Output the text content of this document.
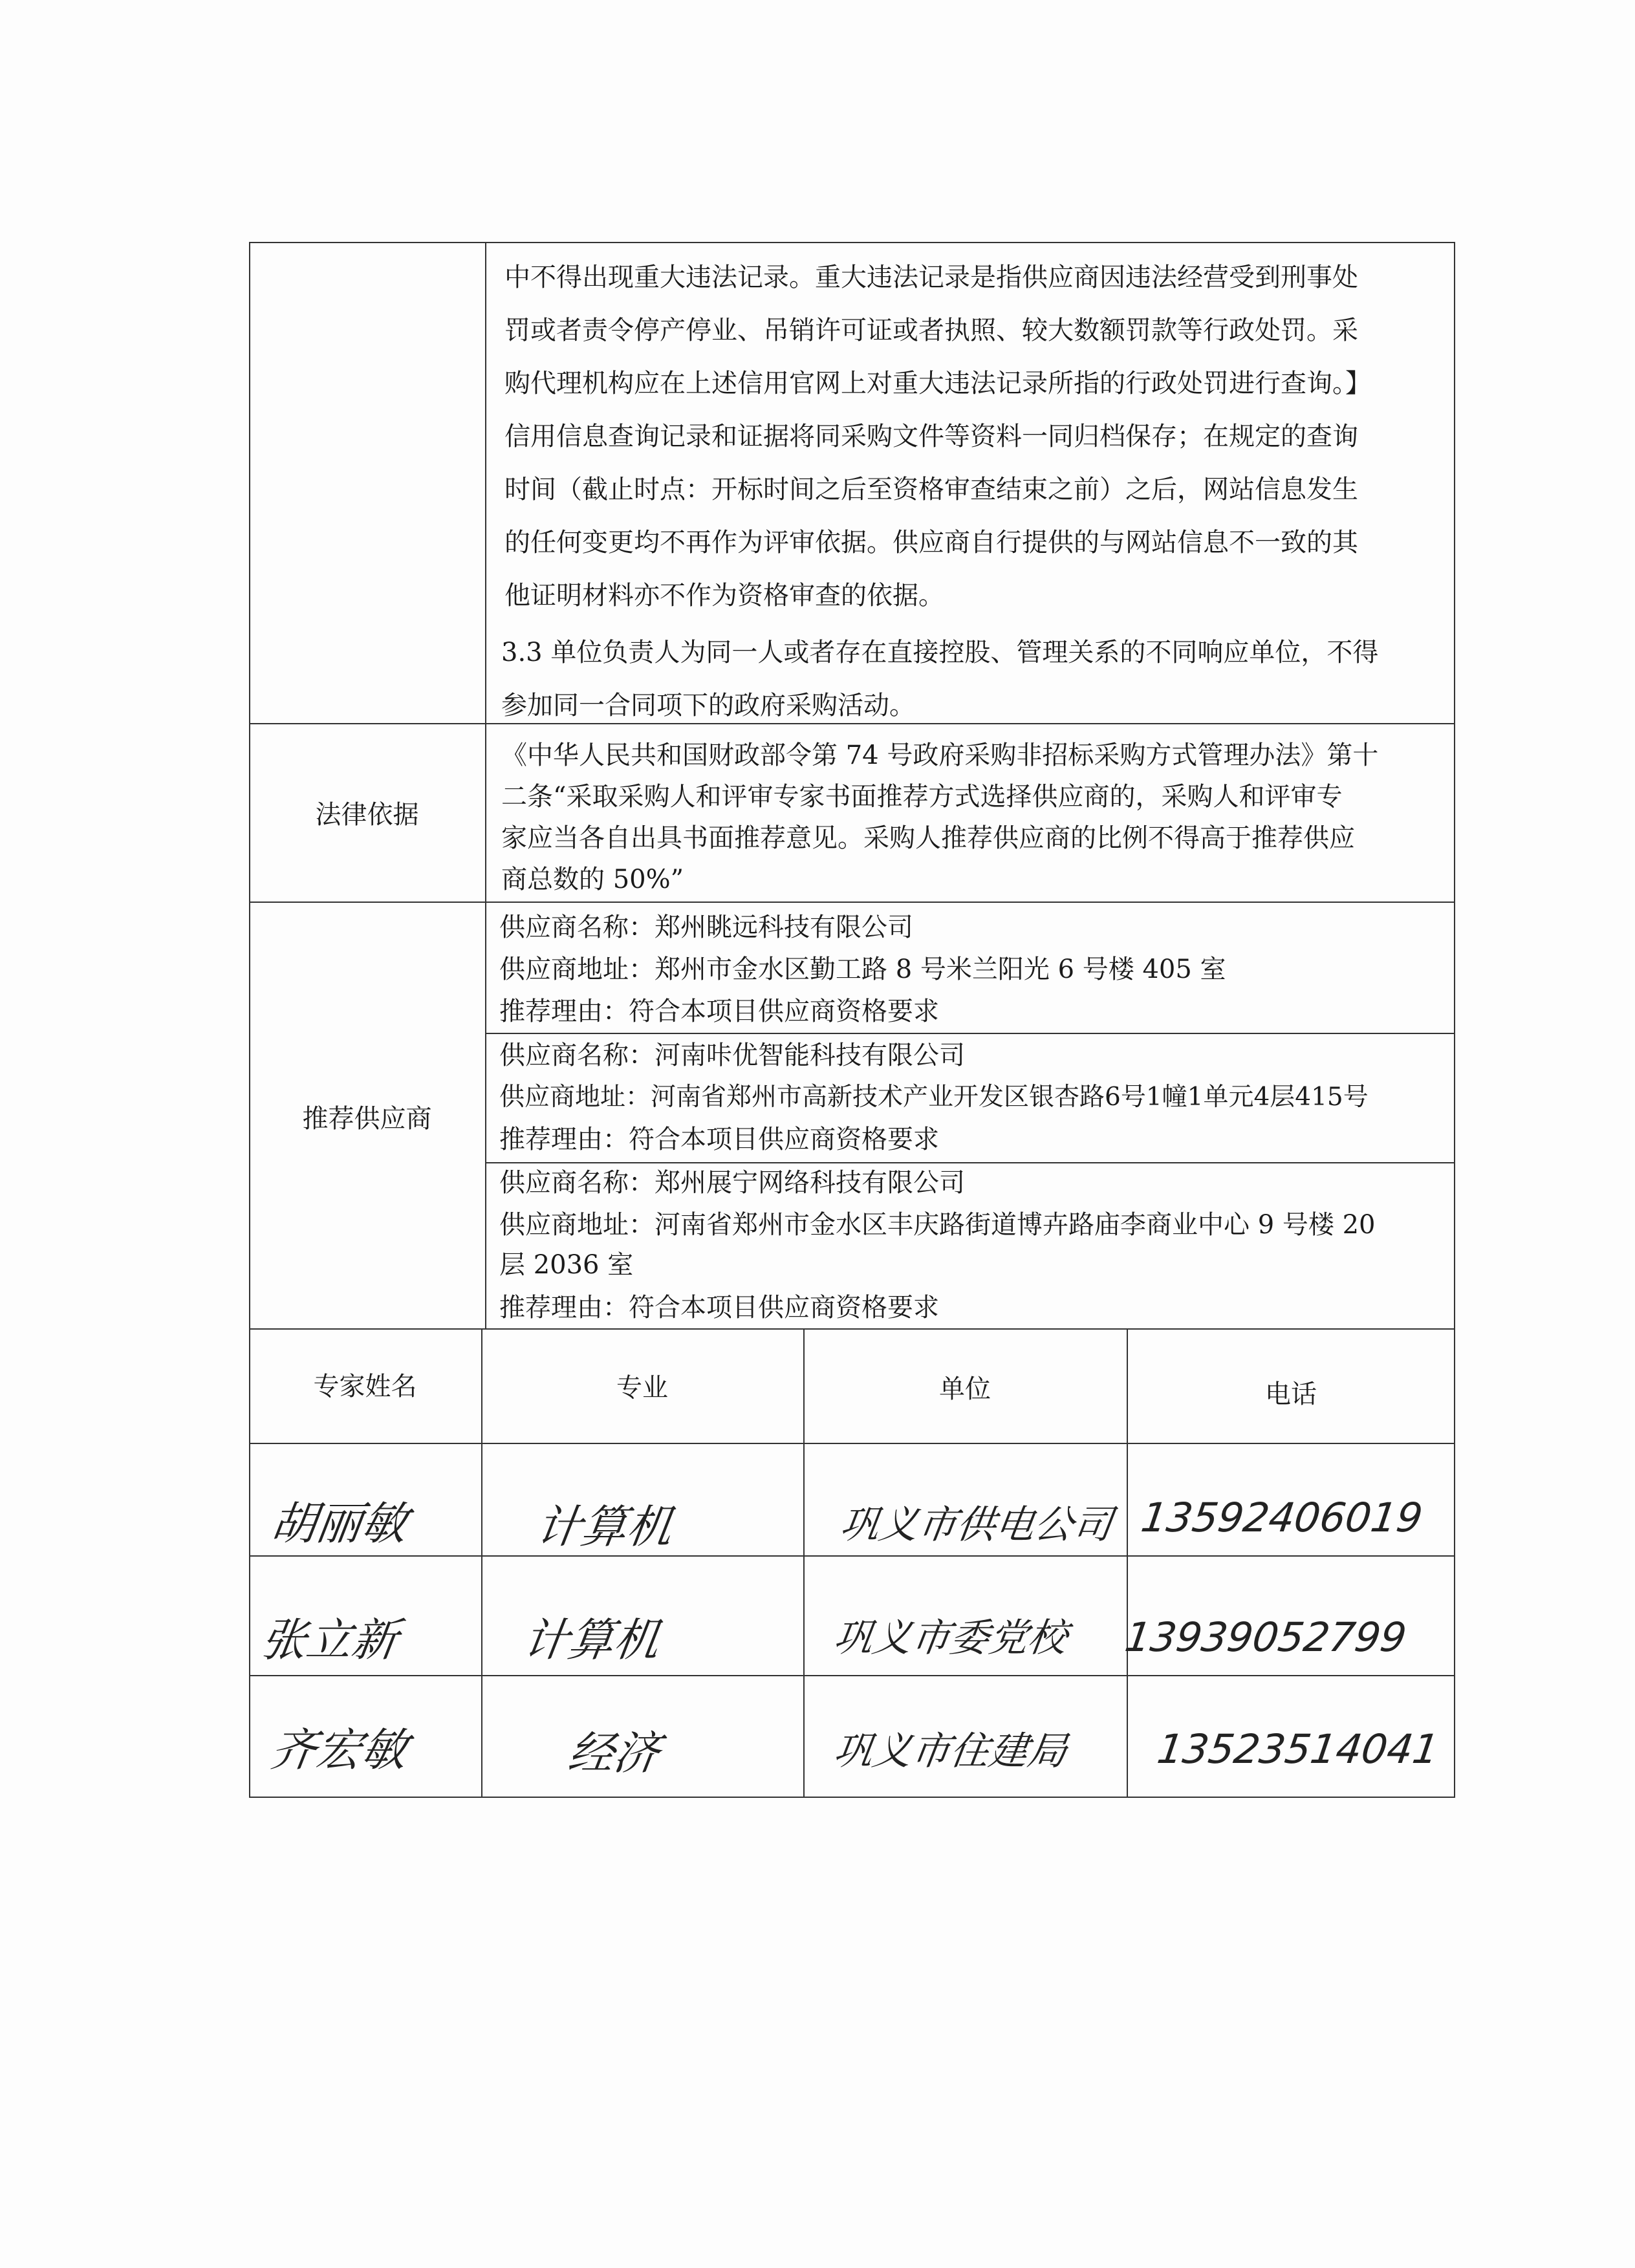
中不得出现重大违法记录。重大违法记录是指供应商因违法经营受到刑事处
罚或者责令停产停业、吊销许可证或者执照、较大数额罚款等行政处罚。采
购代理机构应在上述信用官网上对重大违法记录所指的行政处罚进行查询。】
信用信息查询记录和证据将同采购文件等资料一同归档保存；在规定的查询
时间（截止时点：开标时间之后至资格审查结束之前）之后，网站信息发生
的任何变更均不再作为评审依据。供应商自行提供的与网站信息不一致的其
他证明材料亦不作为资格审查的依据。
3.3 单位负责人为同一人或者存在直接控股、管理关系的不同响应单位，不得
参加同一合同项下的政府采购活动。
法律依据
《中华人民共和国财政部令第 74 号政府采购非招标采购方式管理办法》第十
二条“采取采购人和评审专家书面推荐方式选择供应商的，采购人和评审专
家应当各自出具书面推荐意见。采购人推荐供应商的比例不得高于推荐供应
商总数的 50%”
推荐供应商
供应商名称：郑州眺远科技有限公司
供应商地址：郑州市金水区勤工路 8 号米兰阳光 6 号楼 405 室
推荐理由：符合本项目供应商资格要求
供应商名称：河南咔优智能科技有限公司
供应商地址：河南省郑州市高新技术产业开发区银杏路6号1幢1单元4层415号
推荐理由：符合本项目供应商资格要求
供应商名称：郑州展宁网络科技有限公司
供应商地址：河南省郑州市金水区丰庆路街道博卉路庙李商业中心 9 号楼 20
层 2036 室
推荐理由：符合本项目供应商资格要求
专家姓名	专业	单位	电话
胡丽敏	计算机	巩义市供电公司 13592406019
张立新	计算机	巩义市委党校 13939052799
齐宏敏	经济	巩义市住建局 13523514041
